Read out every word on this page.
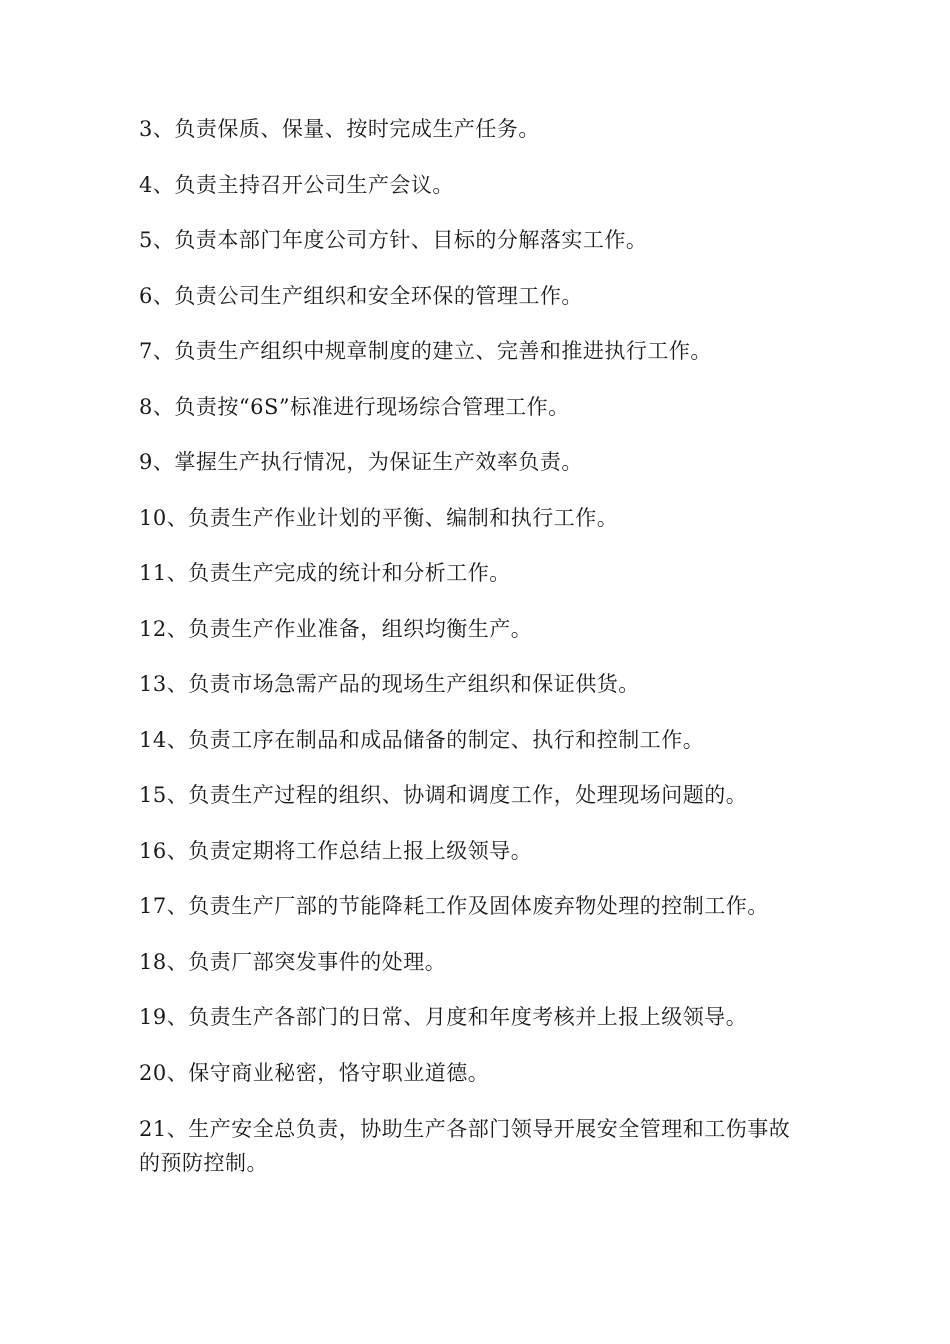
3、负责保质、保量、按时完成生产任务。

4、负责主持召开公司生产会议。

5、负责本部门年度公司方针、目标的分解落实工作。

6、负责公司生产组织和安全环保的管理工作。

7、负责生产组织中规章制度的建立、完善和推进执行工作。

8、负责按“6S”标准进行现场综合管理工作。

9、掌握生产执行情况，为保证生产效率负责。

10、负责生产作业计划的平衡、编制和执行工作。

11、负责生产完成的统计和分析工作。

12、负责生产作业准备，组织均衡生产。

13、负责市场急需产品的现场生产组织和保证供货。

14、负责工序在制品和成品储备的制定、执行和控制工作。

15、负责生产过程的组织、协调和调度工作，处理现场问题的。

16、负责定期将工作总结上报上级领导。

17、负责生产厂部的节能降耗工作及固体废弃物处理的控制工作。

18、负责厂部突发事件的处理。

19、负责生产各部门的日常、月度和年度考核并上报上级领导。

20、保守商业秘密，恪守职业道德。

21、生产安全总负责，协助生产各部门领导开展安全管理和工伤事故的预防控制。
